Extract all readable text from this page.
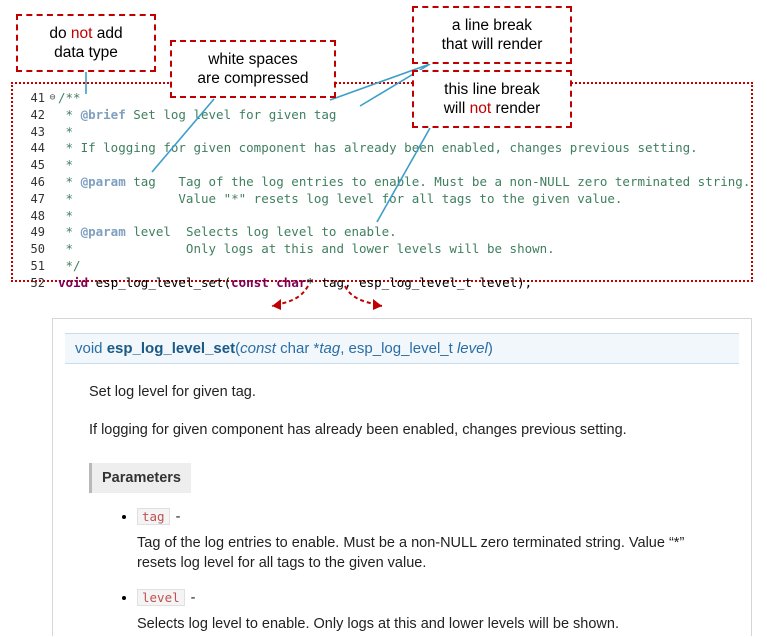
do not add
data type	white spaces
are compressed
a line break
that will render
this line break
will not render
41 ⊖ /**
42 * @brief Set log level for given tag
43 *
44 * If logging for given component has already been enabled, changes previous setting.
45 *
46 * @param tag   Tag of the log entries to enable. Must be a non-NULL zero terminated string.
47 *              Value "*" resets log level for all tags to the given value.
48 *
49 * @param level  Selects log level to enable.
50 *               Only logs at this and lower levels will be shown.
51 */
52 void esp_log_level_set(const char* tag, esp_log_level_t level);
void esp_log_level_set(const char *tag, esp_log_level_t level)

Set log level for given tag.

If logging for given component has already been enabled, changes previous setting.

Parameters
• tag -
Tag of the log entries to enable. Must be a non-NULL zero terminated string. Value “*” resets log level for all tags to the given value.
• level -
Selects log level to enable. Only logs at this and lower levels will be shown.
